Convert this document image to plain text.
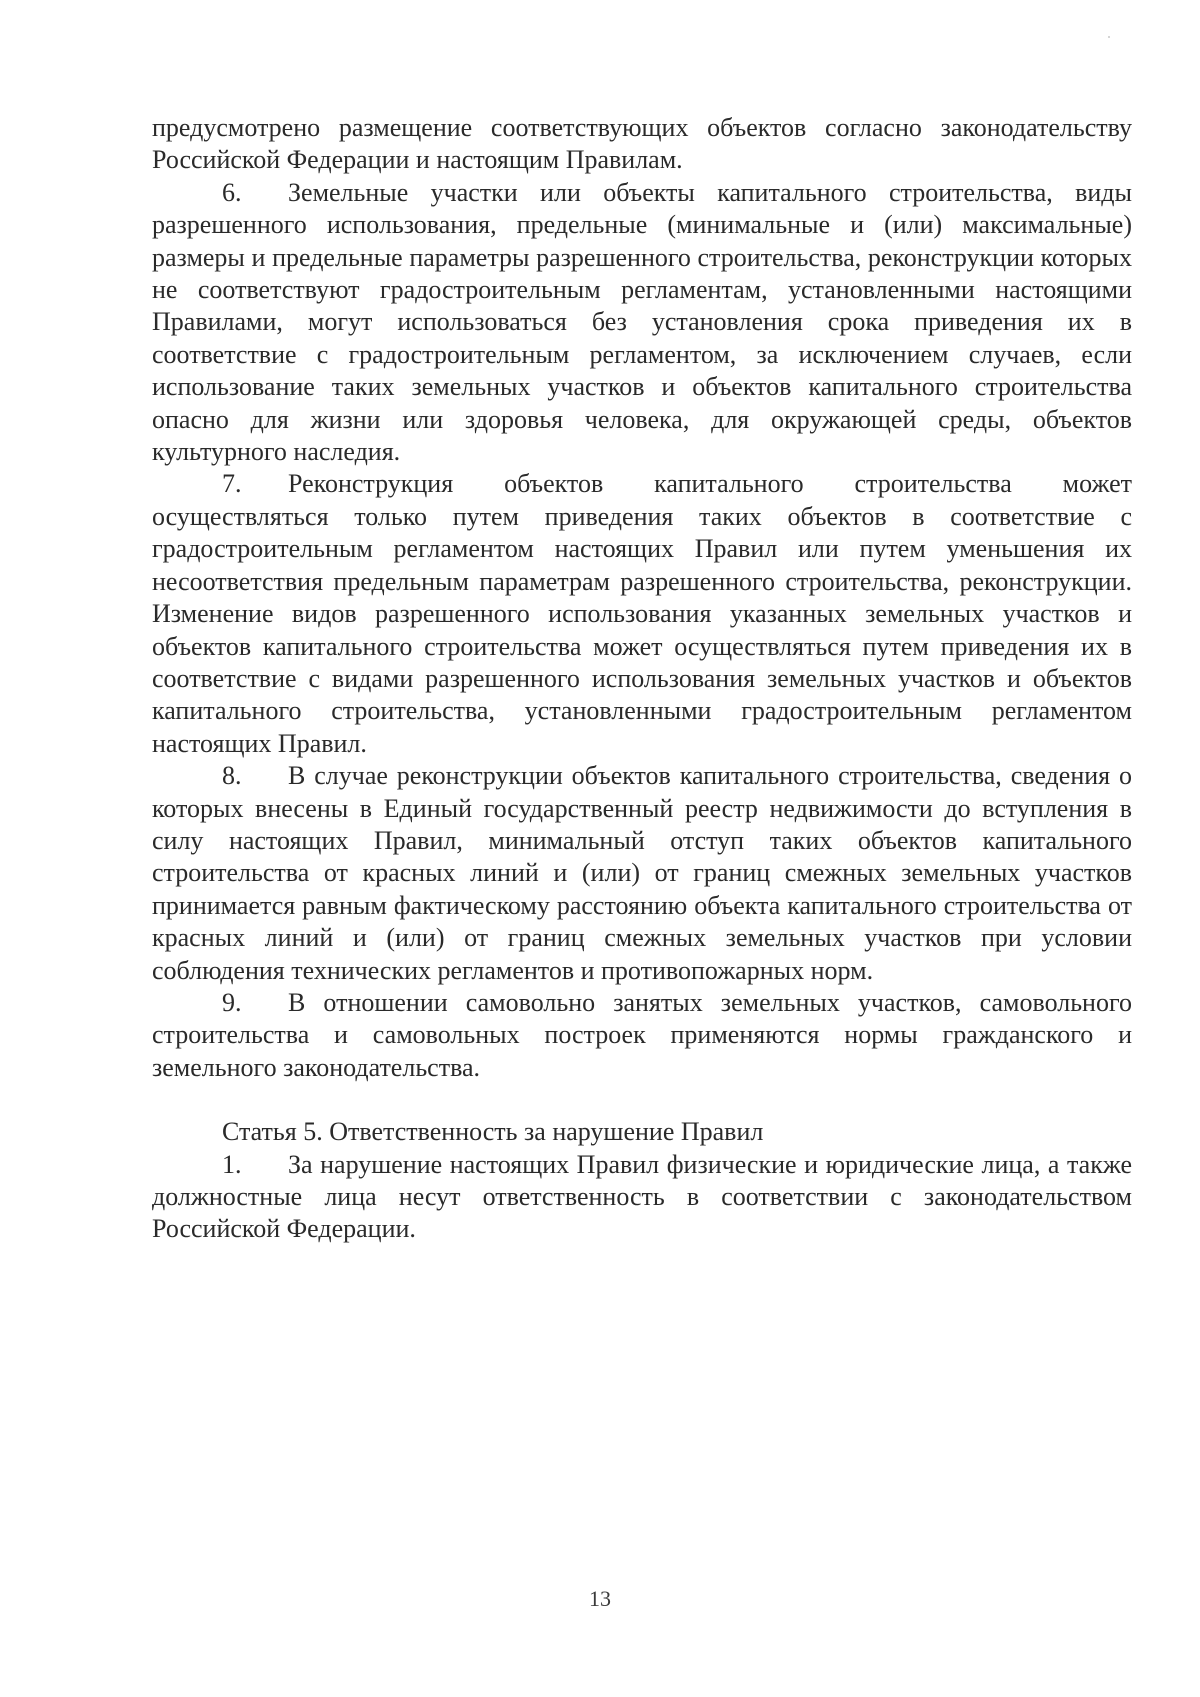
предусмотрено размещение соответствующих объектов согласно законодательству Российской Федерации и настоящим Правилам.

6. Земельные участки или объекты капитального строительства, виды разрешенного использования, предельные (минимальные и (или) максимальные) размеры и предельные параметры разрешенного строительства, реконструкции которых не соответствуют градостроительным регламентам, установленными настоящими Правилами, могут использоваться без установления срока приведения их в соответствие с градостроительным регламентом, за исключением случаев, если использование таких земельных участков и объектов капитального строительства опасно для жизни или здоровья человека, для окружающей среды, объектов культурного наследия.

7. Реконструкция объектов капитального строительства может осуществляться только путем приведения таких объектов в соответствие с градостроительным регламентом настоящих Правил или путем уменьшения их несоответствия предельным параметрам разрешенного строительства, реконструкции. Изменение видов разрешенного использования указанных земельных участков и объектов капитального строительства может осуществляться путем приведения их в соответствие с видами разрешенного использования земельных участков и объектов капитального строительства, установленными градостроительным регламентом настоящих Правил.

8. В случае реконструкции объектов капитального строительства, сведения о которых внесены в Единый государственный реестр недвижимости до вступления в силу настоящих Правил, минимальный отступ таких объектов капитального строительства от красных линий и (или) от границ смежных земельных участков принимается равным фактическому расстоянию объекта капитального строительства от красных линий и (или) от границ смежных земельных участков при условии соблюдения технических регламентов и противопожарных норм.

9. В отношении самовольно занятых земельных участков, самовольного строительства и самовольных построек применяются нормы гражданского и земельного законодательства.

Статья 5. Ответственность за нарушение Правил

1. За нарушение настоящих Правил физические и юридические лица, а также должностные лица несут ответственность в соответствии с законодательством Российской Федерации.

13
